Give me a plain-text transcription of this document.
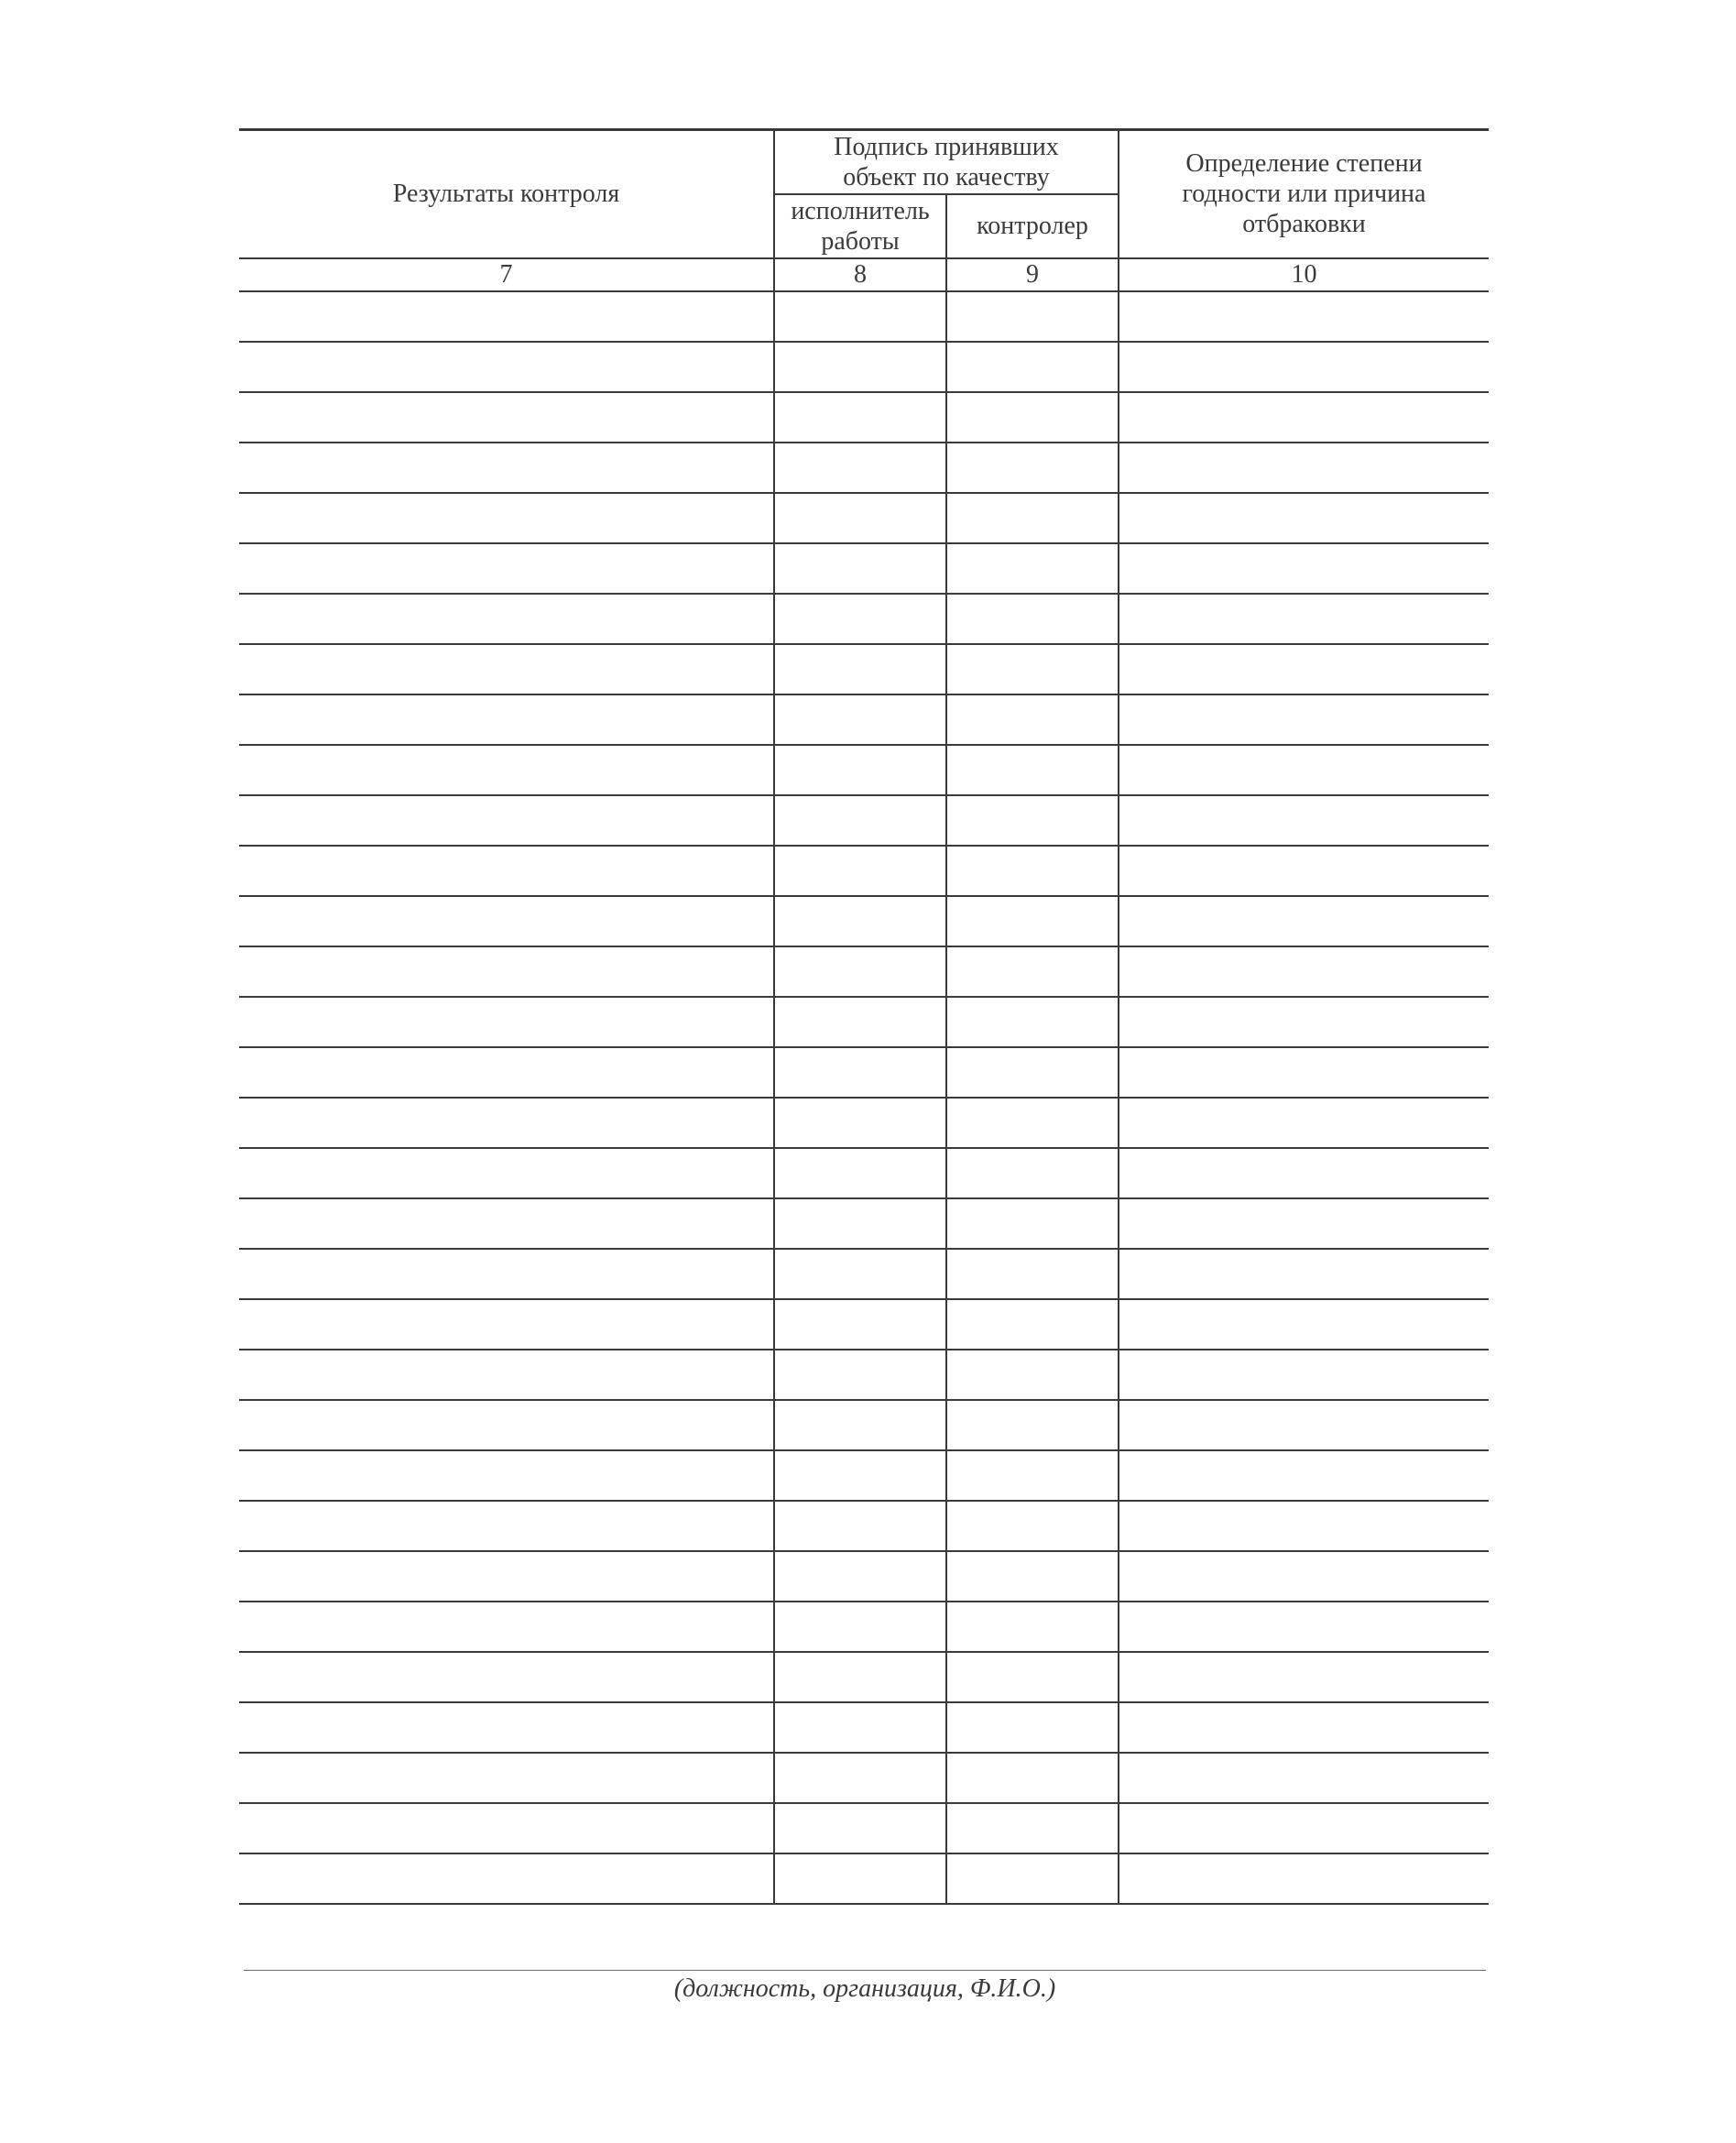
Результаты контроля	Подпись принявших объект по качеству		Определение степени годности или причина отбраковки
	исполнитель работы	контролер	
7	8	9	10

(должность, организация, Ф.И.О.)
